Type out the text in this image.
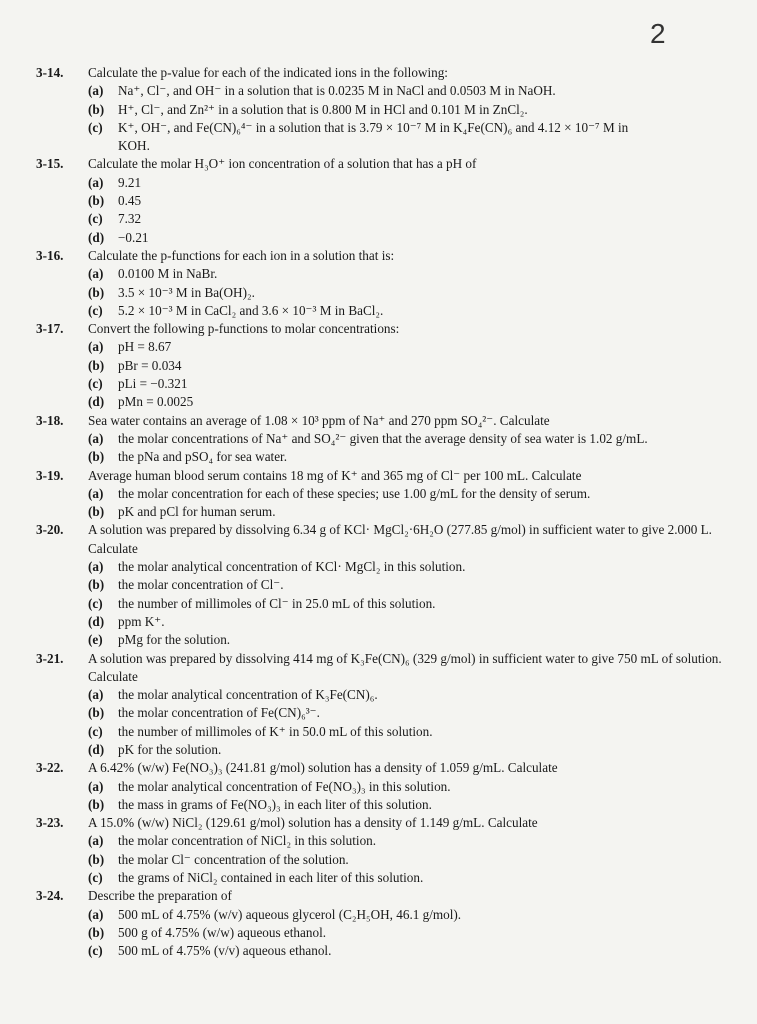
2
3-14.	Calculate the p-value for each of the indicated ions in the following:
(a) Na⁺, Cl⁻, and OH⁻ in a solution that is 0.0235 M in NaCl and 0.0503 M in NaOH.
(b) H⁺, Cl⁻, and Zn²⁺ in a solution that is 0.800 M in HCl and 0.101 M in ZnCl₂.
(c) K⁺, OH⁻, and Fe(CN)₆⁴⁻ in a solution that is 3.79 × 10⁻⁷ M in K₄Fe(CN)₆ and 4.12 × 10⁻⁷ M in
KOH.
3-15.	Calculate the molar H₃O⁺ ion concentration of a solution that has a pH of
(a) 9.21
(b) 0.45
(c) 7.32
(d) −0.21
3-16.	Calculate the p-functions for each ion in a solution that is:
(a) 0.0100 M in NaBr.
(b) 3.5 × 10⁻³ M in Ba(OH)₂.
(c) 5.2 × 10⁻³ M in CaCl₂ and 3.6 × 10⁻³ M in BaCl₂.
3-17.	Convert the following p-functions to molar concentrations:
(a) pH = 8.67
(b) pBr = 0.034
(c) pLi = −0.321
(d) pMn = 0.0025
3-18.	Sea water contains an average of 1.08 × 10³ ppm of Na⁺ and 270 ppm SO₄²⁻. Calculate
(a) the molar concentrations of Na⁺ and SO₄²⁻ given that the average density of sea water is 1.02 g/mL.
(b) the pNa and pSO₄ for sea water.
3-19.	Average human blood serum contains 18 mg of K⁺ and 365 mg of Cl⁻ per 100 mL. Calculate
(a) the molar concentration for each of these species; use 1.00 g/mL for the density of serum.
(b) pK and pCl for human serum.
3-20.	A solution was prepared by dissolving 6.34 g of KCl· MgCl₂·6H₂O (277.85 g/mol) in sufficient water to give 2.000 L. Calculate
(a) the molar analytical concentration of KCl· MgCl₂ in this solution.
(b) the molar concentration of Cl⁻.
(c) the number of millimoles of Cl⁻ in 25.0 mL of this solution.
(d) ppm K⁺.
(e) pMg for the solution.
3-21.	A solution was prepared by dissolving 414 mg of K₃Fe(CN)₆ (329 g/mol) in sufficient water to give 750 mL of solution. Calculate
(a) the molar analytical concentration of K₃Fe(CN)₆.
(b) the molar concentration of Fe(CN)₆³⁻.
(c) the number of millimoles of K⁺ in 50.0 mL of this solution.
(d) pK for the solution.
3-22.	A 6.42% (w/w) Fe(NO₃)₃ (241.81 g/mol) solution has a density of 1.059 g/mL. Calculate
(a) the molar analytical concentration of Fe(NO₃)₃ in this solution.
(b) the mass in grams of Fe(NO₃)₃ in each liter of this solution.
3-23.	A 15.0% (w/w) NiCl₂ (129.61 g/mol) solution has a density of 1.149 g/mL. Calculate
(a) the molar concentration of NiCl₂ in this solution.
(b) the molar Cl⁻ concentration of the solution.
(c) the grams of NiCl₂ contained in each liter of this solution.
3-24.	Describe the preparation of
(a) 500 mL of 4.75% (w/v) aqueous glycerol (C₂H₅OH, 46.1 g/mol).
(b) 500 g of 4.75% (w/w) aqueous ethanol.
(c) 500 mL of 4.75% (v/v) aqueous ethanol.
